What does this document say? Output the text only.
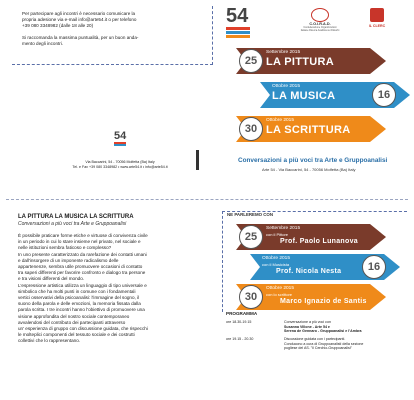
Per partecipare agli incontri è necessario comunicare la
propria adesione via e-mail info@arte54.it o per telefono
+39 080 3348982 (dalle 18 alle 20)
Si raccomanda la massima puntualità, per un buon anda-
mento degli incontri.
54
Via Baccarini, 54 - 70056 Molfetta (Ba) Italy
Tel. e Fax +39 080 3348982 • www.arte54.it • info@arte54.it
54	C.O.I.R.A.D.
Confederazione Organizzazioni Italiane Ricerca Analitica sui Disturbi
IL CLERC
25
Settembre 2015
LA PITTURA
16
Ottobre 2015
LA MUSICA
30
Ottobre 2015
LA SCRITTURA
Conversazioni a più voci tra Arte e Gruppoanalisi
Arte 54 - Via Baccarini, 54 - 70056 Molfetta (Ba) Italy
LA PITTURA LA MUSICA LA SCRITTURA
Conversazioni a più voci tra Arte e Gruppoanalisi
È possibile praticare forme etiche e virtuose di convivenza civile
in un periodo in cui lo stare insieme nel privato, nel sociale e
nelle istituzioni sembra faticoso e complesso?
In uno presente caratterizzato da rarefazione dei contatti umani
e dall'insorgere di un imponente radicalismo delle
appartenenze, sembra utile promuovere occasioni di contatto
tra saperi differenti per favorire confronto e dialogo tra persone
e tra visioni differenti del mondo.
L'espressione artistica utilizza un linguaggio di tipo universale e
simbolico che ha molti punti in comune con i fondamentali
vertici osservativi della psicoanalisi: l'immagine del sogno, il
suono della parola e delle emozioni, la memoria fissata dalla
parola scritta. I tre incontri hanno l'obiettivo di promuovere una
visione approfondita del nostro sociale contemporaneo
avvalendosi del contributo dei partecipanti attraverso
un' esperienza di gruppo con discussione guidata, che rispecchi
le molteplici componenti del tessuto sociale e dei costrutti
collettivi che lo rappresentano.
NE PARLEREMO CON
25
Settembre 2015
con il Pittore
Prof. Paolo Lunanova
16
Ottobre 2015
con il Musicista
Prof. Nicola Nesta
30
Ottobre 2015
con lo scrittore
Marco Ignazio de Santis
PROGRAMMA
ore 18.30-19.15	Conversazione a più voci con
Susanna Villone - Arte 54 e
Serena de Gennaro - Gruppoanalisi e l'Ambra
ore 19.15 - 20.30	Discussione guidata con i partecipanti.
Conducono a cura di Gruppoanalisti della sezione
pugliese del AS. "Il Cerchio-Gruppoanalisi"
